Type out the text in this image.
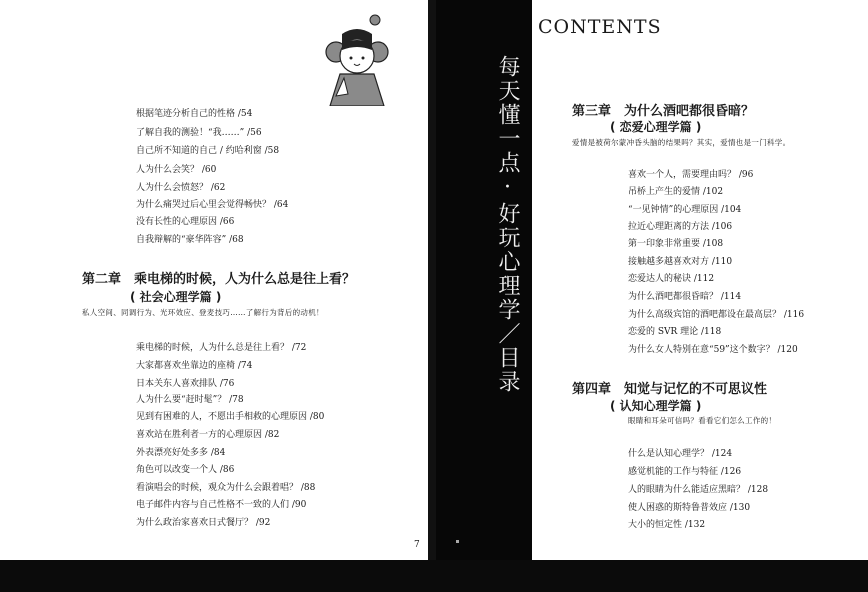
根据笔迹分析自己的性格 /54
了解自我的测验！“我……” /56
自己所不知道的自己 / 约哈利窗 /58
人为什么会笑？ /60
人为什么会愤怒？ /62
为什么痛哭过后心里会觉得畅快？ /64
没有长性的心理原因 /66
自我辩解的“豪华阵容” /68
第二章　乘电梯的时候，人为什么总是往上看？
( 社会心理学篇 )
私人空间、同调行为、光环效应、登麦技巧……了解行为背后的动机！
乘电梯的时候，人为什么总是往上看？ /72
大家都喜欢坐靠边的座椅 /74
日本关东人喜欢排队 /76
人为什么要“赶时髦”？ /78
见到有困难的人，不愿出手相救的心理原因 /80
喜欢站在胜利者一方的心理原因 /82
外表漂亮好处多多 /84
角色可以改变一个人 /86
看演唱会的时候，观众为什么会跟着唱？ /88
电子邮件内容与自己性格不一致的人们 /90
为什么政治家喜欢日式餐厅？ /92
7
每天懂一点·好玩心理学／目录
CONTENTS
第三章　为什么酒吧都很昏暗？
( 恋爱心理学篇 )
爱情是被荷尔蒙冲昏头脑的结果吗？其实，爱情也是一门科学。
喜欢一个人，需要理由吗？ /96
吊桥上产生的爱情 /102
“一见钟情”的心理原因 /104
拉近心理距离的方法 /106
第一印象非常重要 /108
接触越多越喜欢对方 /110
恋爱达人的秘诀 /112
为什么酒吧都很昏暗？ /114
为什么高级宾馆的酒吧都设在最高层？ /116
恋爱的 SVR 理论 /118
为什么女人特别在意“59”这个数字？ /120
第四章　知觉与记忆的不可思议性
( 认知心理学篇 )
眼睛和耳朵可信吗？看看它们怎么工作的！
什么是认知心理学？ /124
感觉机能的工作与特征 /126
人的眼睛为什么能适应黑暗？ /128
使人困惑的斯特鲁普效应 /130
大小的恒定性 /132
